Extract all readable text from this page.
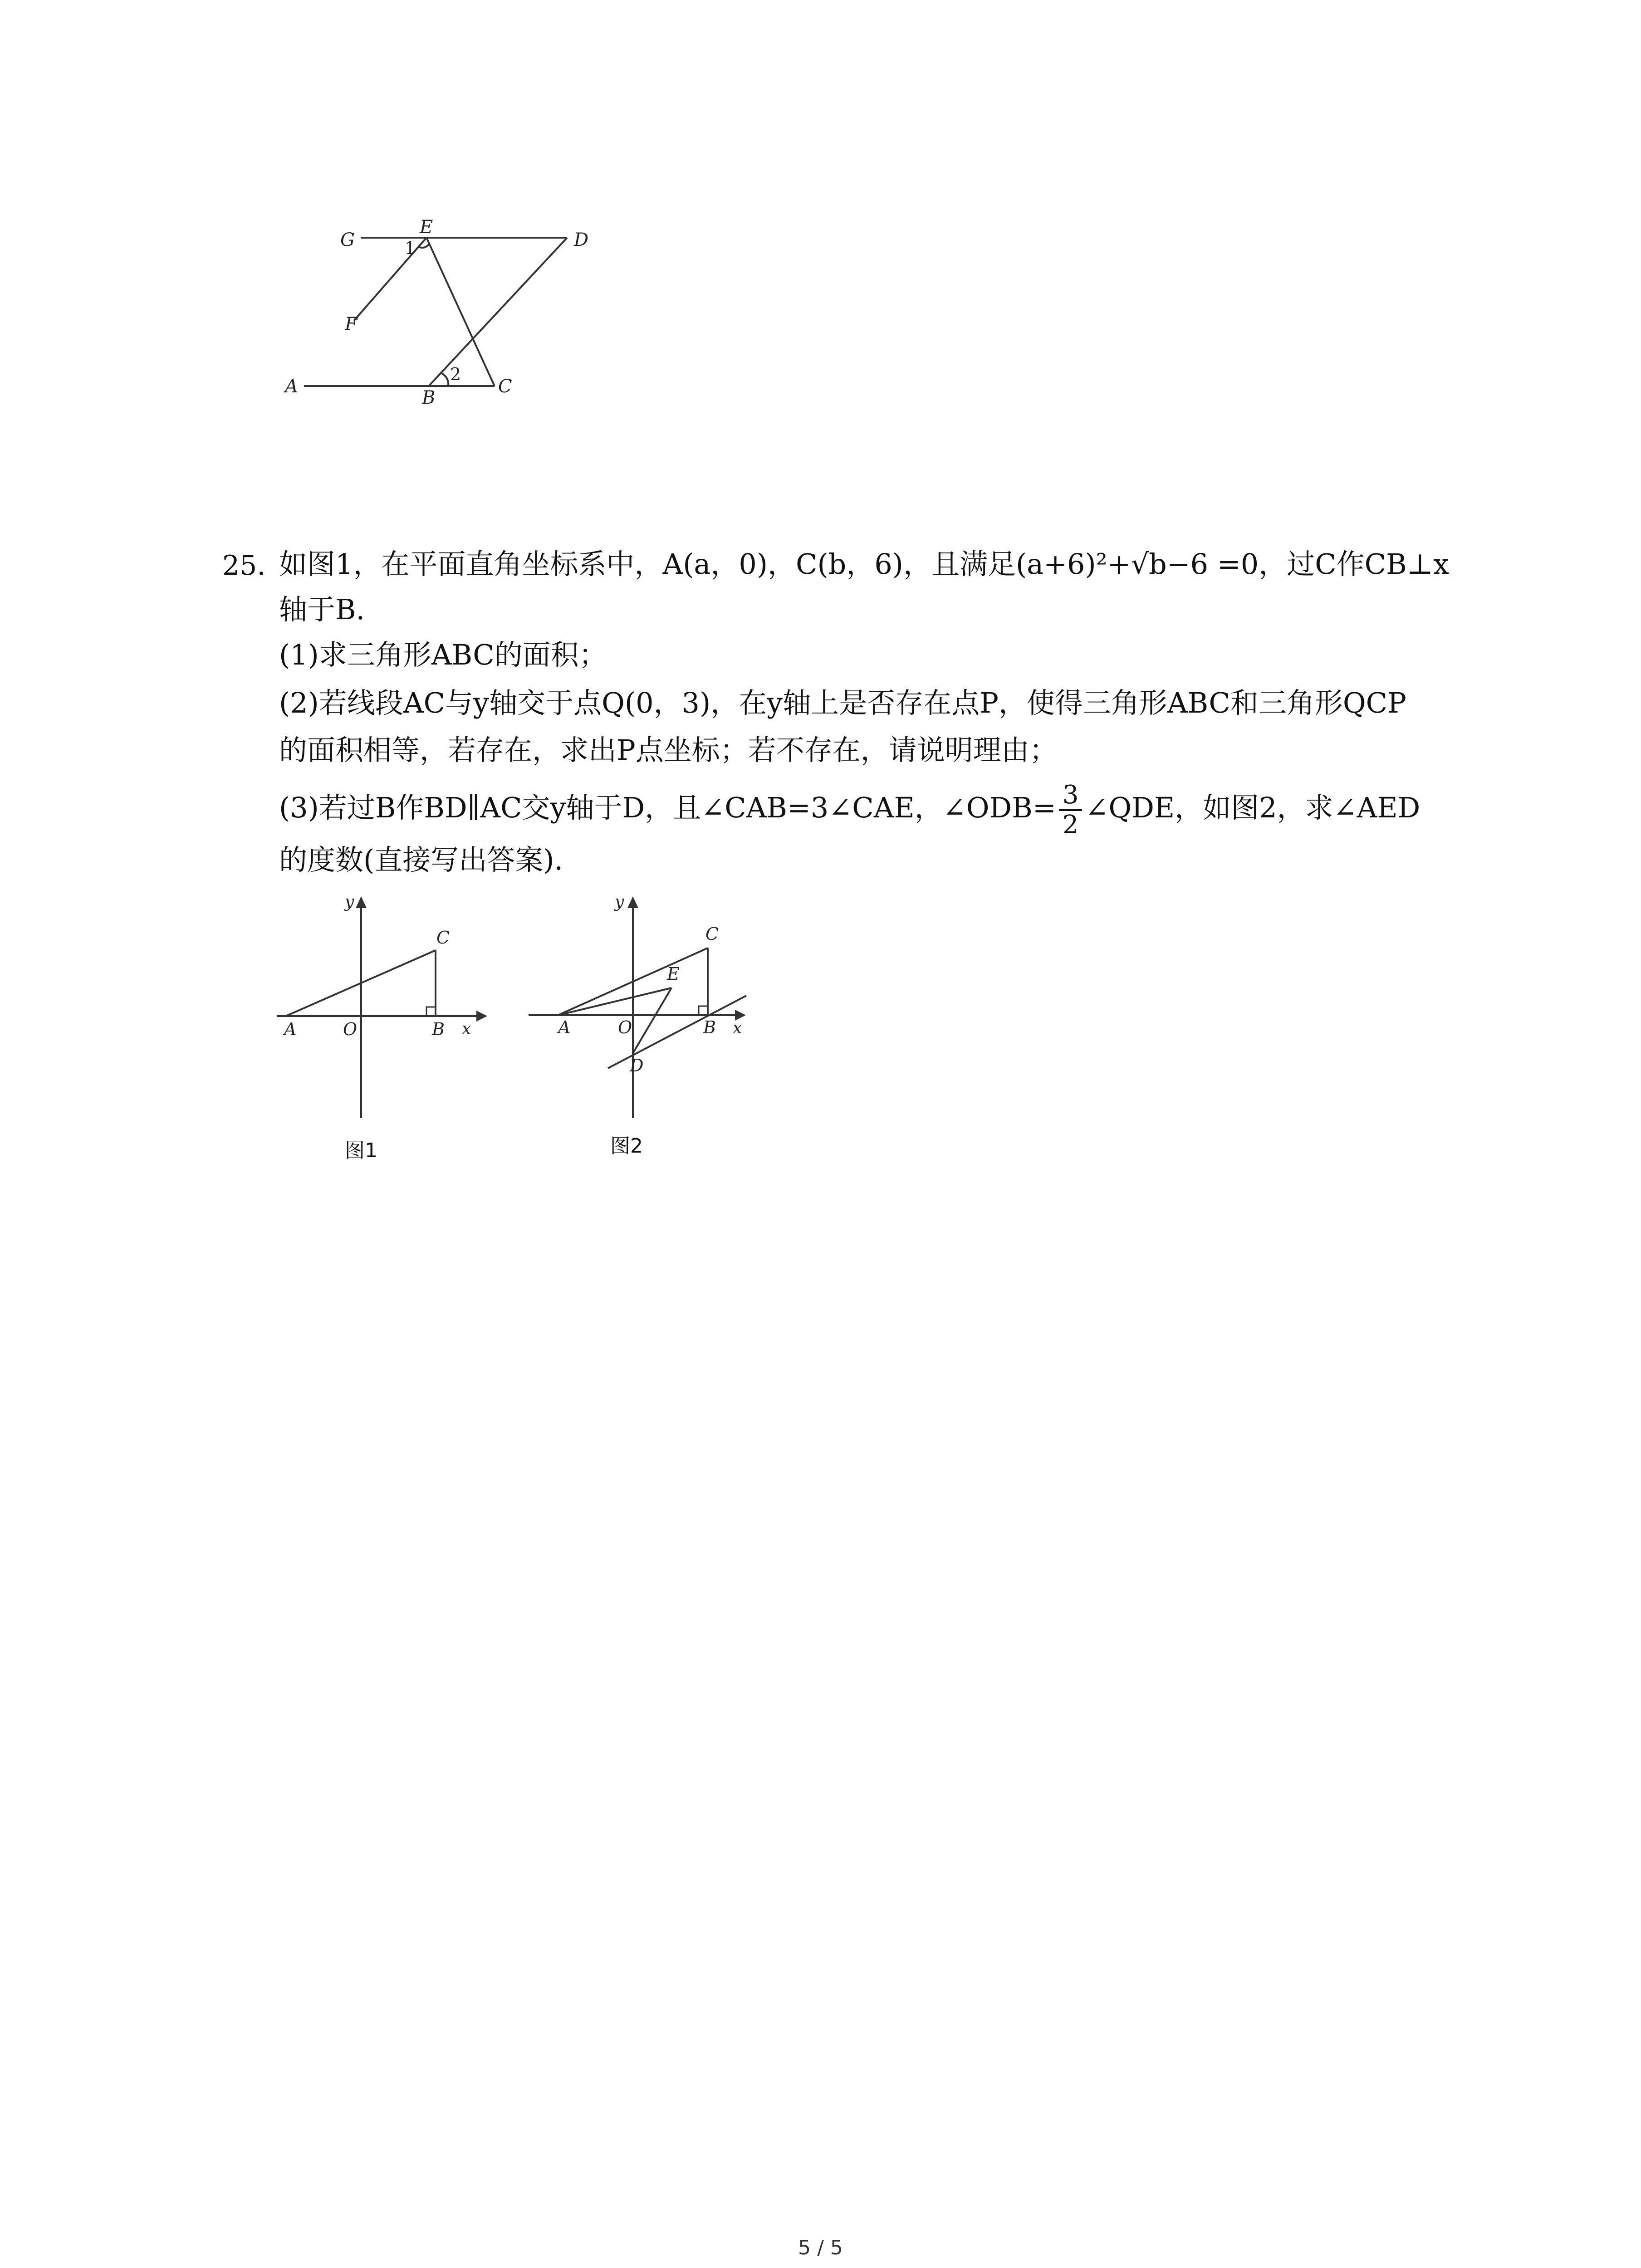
G
E
D
F
A
B
C
1
2
25. 如图1，在平面直角坐标系中，A(a，0)，C(b，6)，且满足(a+6)²+√b−6 =0，过C作CB⊥x
轴于B.
(1)求三角形ABC的面积；
(2)若线段AC与y轴交于点Q(0，3)，在y轴上是否存在点P，使得三角形ABC和三角形QCP
的面积相等，若存在，求出P点坐标；若不存在，请说明理由；
(3)若过B作BD∥AC交y轴于D，且∠CAB=3∠CAE，∠ODB= $\frac{3}{2}$ ∠QDE，如图2，求∠AED
的度数(直接写出答案).
y
x
C
A	O	B
图1
y
x
C
E
A	O	B
D
图2
5 / 5
